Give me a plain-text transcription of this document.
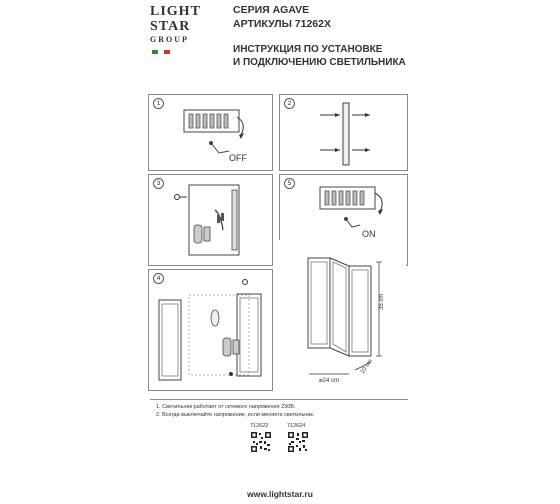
LIGHT
STAR
GROUP
СЕРИЯ AGAVE
АРТИКУЛЫ 71262X
ИНСТРУКЦИЯ ПО УСТАНОВКЕ
И ПОДКЛЮЧЕНИЮ СВЕТИЛЬНИКА
1
OFF
2
3	5
ON
4
35 cm
⌀24 cm
10 cm
1. Светильник работает от сетевого напряжения 230В.
2. Всегда выключайте напряжение, если меняете светильник.
712622	712624
www.lightstar.ru
